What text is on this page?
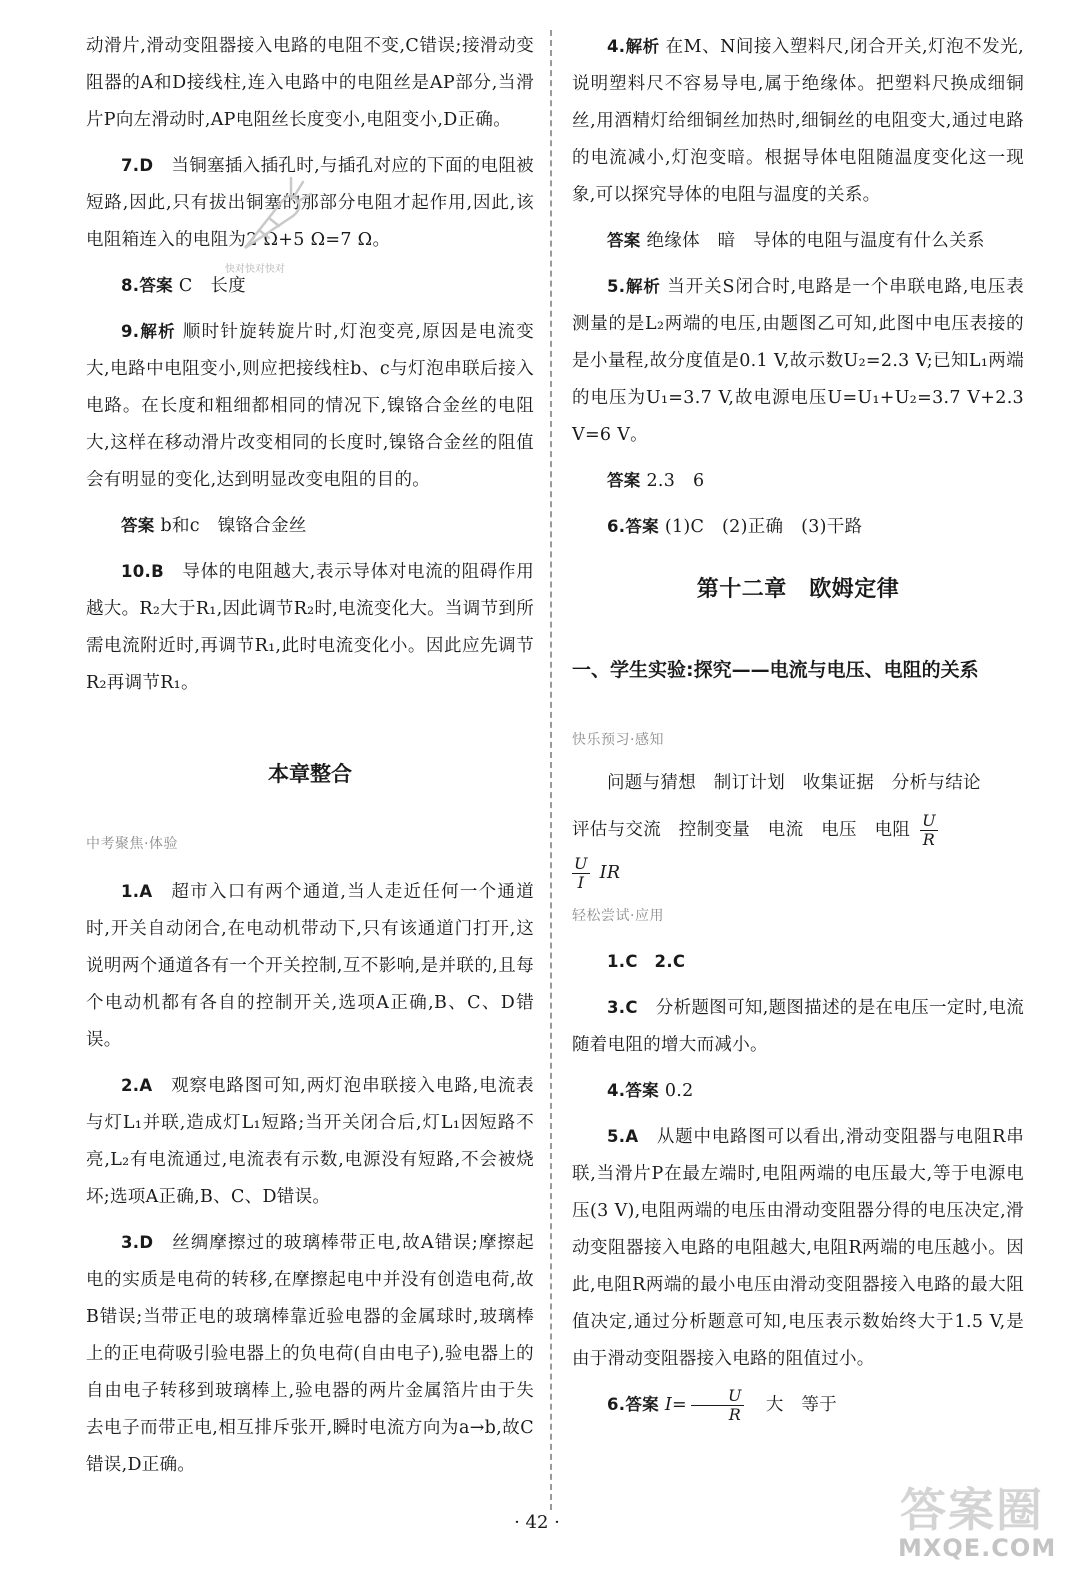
动滑片,滑动变阻器接入电路的电阻不变,C错误;接滑动变阻器的A和D接线柱,连入电路中的电阻丝是AP部分,当滑片P向左滑动时,AP电阻丝长度变小,电阻变小,D正确。

7.D 当铜塞插入插孔时,与插孔对应的下面的电阻被短路,因此,只有拔出铜塞的那部分电阻才起作用,因此,该电阻箱连入的电阻为2 Ω+5 Ω=7 Ω。

8.答案 C　长度

9.解析 顺时针旋转旋片时,灯泡变亮,原因是电流变大,电路中电阻变小,则应把接线柱b、c与灯泡串联后接入电路。在长度和粗细都相同的情况下,镍铬合金丝的电阻大,这样在移动滑片改变相同的长度时,镍铬合金丝的阻值会有明显的变化,达到明显改变电阻的目的。

答案 b和c　镍铬合金丝

10.B 导体的电阻越大,表示导体对电流的阻碍作用越大。R₂大于R₁,因此调节R₂时,电流变化大。当调节到所需电流附近时,再调节R₁,此时电流变化小。因此应先调节R₂再调节R₁。

本章整合

中考聚焦·体验

1.A 超市入口有两个通道,当人走近任何一个通道时,开关自动闭合,在电动机带动下,只有该通道门打开,这说明两个通道各有一个开关控制,互不影响,是并联的,且每个电动机都有各自的控制开关,选项A正确,B、C、D错误。

2.A 观察电路图可知,两灯泡串联接入电路,电流表与灯L₁并联,造成灯L₁短路;当开关闭合后,灯L₁因短路不亮,L₂有电流通过,电流表有示数,电源没有短路,不会被烧坏;选项A正确,B、C、D错误。

3.D 丝绸摩擦过的玻璃棒带正电,故A错误;摩擦起电的实质是电荷的转移,在摩擦起电中并没有创造电荷,故B错误;当带正电的玻璃棒靠近验电器的金属球时,玻璃棒上的正电荷吸引验电器上的负电荷(自由电子),验电器上的自由电子转移到玻璃棒上,验电器的两片金属箔片由于失去电子而带正电,相互排斥张开,瞬时电流方向为a→b,故C错误,D正确。

4.解析 在M、N间接入塑料尺,闭合开关,灯泡不发光,说明塑料尺不容易导电,属于绝缘体。把塑料尺换成细铜丝,用酒精灯给细铜丝加热时,细铜丝的电阻变大,通过电路的电流减小,灯泡变暗。根据导体电阻随温度变化这一现象,可以探究导体的电阻与温度的关系。

答案 绝缘体　暗　导体的电阻与温度有什么关系

5.解析 当开关S闭合时,电路是一个串联电路,电压表测量的是L₂两端的电压,由题图乙可知,此图中电压表接的是小量程,故分度值是0.1 V,故示数U₂=2.3 V;已知L₁两端的电压为U₁=3.7 V,故电源电压U=U₁+U₂=3.7 V+2.3 V=6 V。

答案 2.3　6

6.答案 (1)C　(2)正确　(3)干路

第十二章　欧姆定律
一、学生实验:探究——电流与电压、电阻的关系

快乐预习·感知

问题与猜想　制订计划　收集证据　分析与结论

评估与交流　控制变量　电流　电压　电阻 $\frac{U}{R}$

$\frac{U}{I}$ IR

轻松尝试·应用

1.C　2.C

3.C 分析题图可知,题图描述的是在电压一定时,电流随着电阻的增大而减小。

4.答案 0.2

5.A 从题中电路图可以看出,滑动变阻器与电阻R串联,当滑片P在最左端时,电阻两端的电压最大,等于电源电压(3 V),电阻两端的电压由滑动变阻器分得的电压决定,滑动变阻器接入电路的电阻越大,电阻R两端的电压越小。因此,电阻R两端的最小电压由滑动变阻器接入电路的最大阻值决定,通过分析题意可知,电压表示数始终大于1.5 V,是由于滑动变阻器接入电路的阻值过小。

6.答案 $I= \frac{U}{R}$ 大　等于

· 42 ·
快对快对快对
答案圈
MXQE.COM
